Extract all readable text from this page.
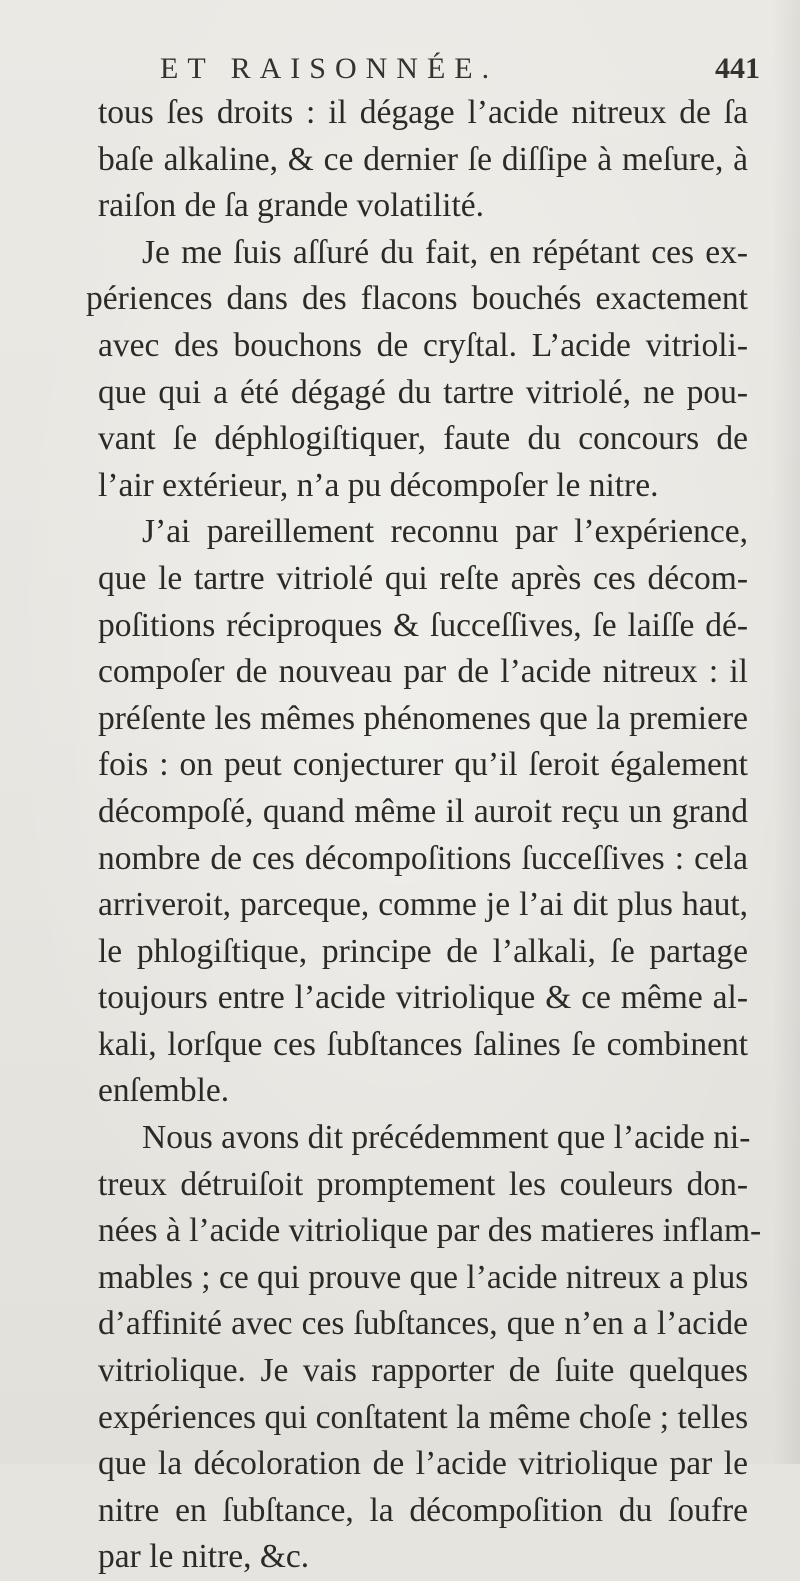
ET RAISONNÉE.	441
tous ſes droits : il dégage l’acide nitreux de ſa
baſe alkaline, & ce dernier ſe diſſipe à meſure, à
raiſon de ſa grande volatilité.
Je me ſuis aſſuré du fait, en répétant ces ex-
périences dans des flacons bouchés exactement
avec des bouchons de cryſtal. L’acide vitrioli-
que qui a été dégagé du tartre vitriolé, ne pou-
vant ſe déphlogiſtiquer, faute du concours de
l’air extérieur, n’a pu décompoſer le nitre.
J’ai pareillement reconnu par l’expérience,
que le tartre vitriolé qui reſte après ces décom-
poſitions réciproques & ſucceſſives, ſe laiſſe dé-
compoſer de nouveau par de l’acide nitreux : il
préſente les mêmes phénomenes que la premiere
fois : on peut conjecturer qu’il ſeroit également
décompoſé, quand même il auroit reçu un grand
nombre de ces décompoſitions ſucceſſives : cela
arriveroit, parceque, comme je l’ai dit plus haut,
le phlogiſtique, principe de l’alkali, ſe partage
toujours entre l’acide vitriolique & ce même al-
kali, lorſque ces ſubſtances ſalines ſe combinent
enſemble.
Nous avons dit précédemment que l’acide ni-
treux détruiſoit promptement les couleurs don-
nées à l’acide vitriolique par des matieres inflam-
mables ; ce qui prouve que l’acide nitreux a plus
d’affinité avec ces ſubſtances, que n’en a l’acide
vitriolique. Je vais rapporter de ſuite quelques
expériences qui conſtatent la même choſe ; telles
que la décoloration de l’acide vitriolique par le
nitre en ſubſtance, la décompoſition du ſoufre
par le nitre, &c.
